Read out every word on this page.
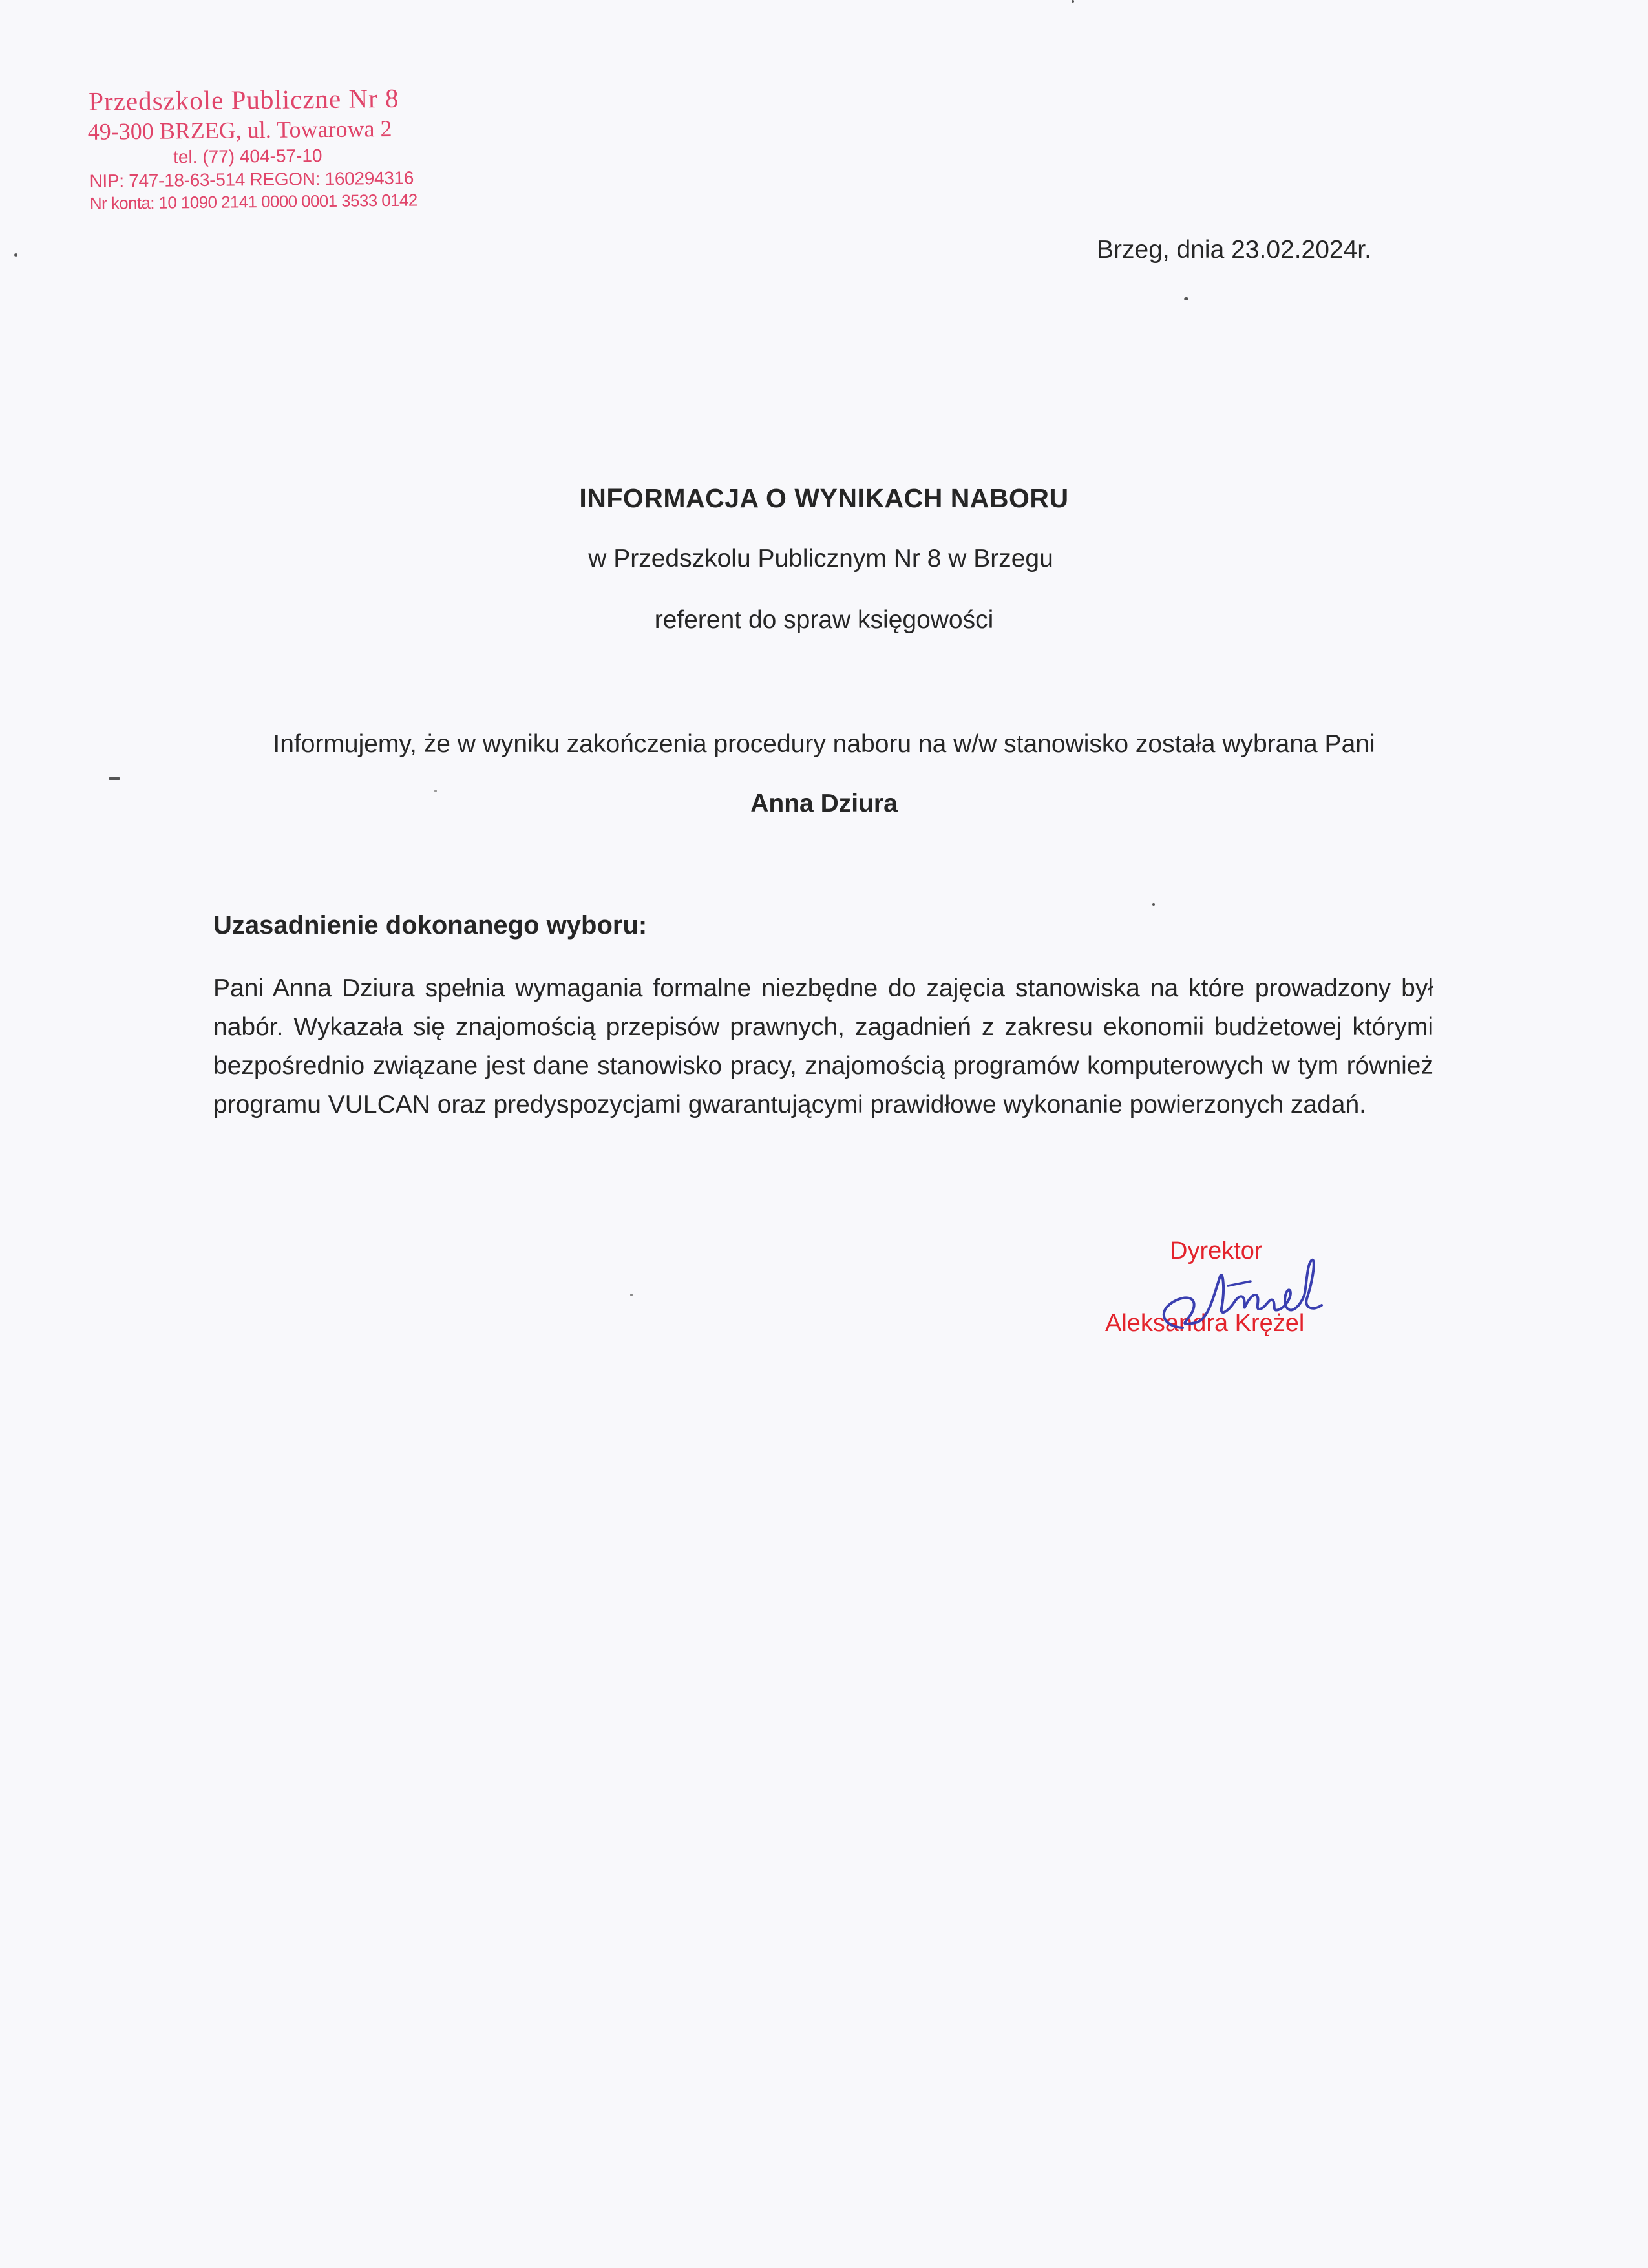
Przedszkole Publiczne Nr 8
49-300 BRZEG, ul. Towarowa 2
tel. (77) 404-57-10
NIP: 747-18-63-514 REGON: 160294316
Nr konta: 10 1090 2141 0000 0001 3533 0142
Brzeg, dnia 23.02.2024r.
INFORMACJA O WYNIKACH NABORU
w Przedszkolu Publicznym Nr 8 w Brzegu
referent do spraw księgowości
Informujemy, że w wyniku zakończenia procedury naboru na w/w stanowisko została wybrana Pani
Anna Dziura
Uzasadnienie dokonanego wyboru:
Pani Anna Dziura spełnia wymagania formalne niezbędne do zajęcia stanowiska na które prowadzony był nabór. Wykazała się znajomością przepisów prawnych, zagadnień z zakresu ekonomii budżetowej którymi bezpośrednio związane jest dane stanowisko pracy, znajomością programów komputerowych w tym również programu VULCAN oraz predyspozycjami gwarantującymi prawidłowe wykonanie powierzonych zadań.
Dyrektor
Aleksandra Krężel
